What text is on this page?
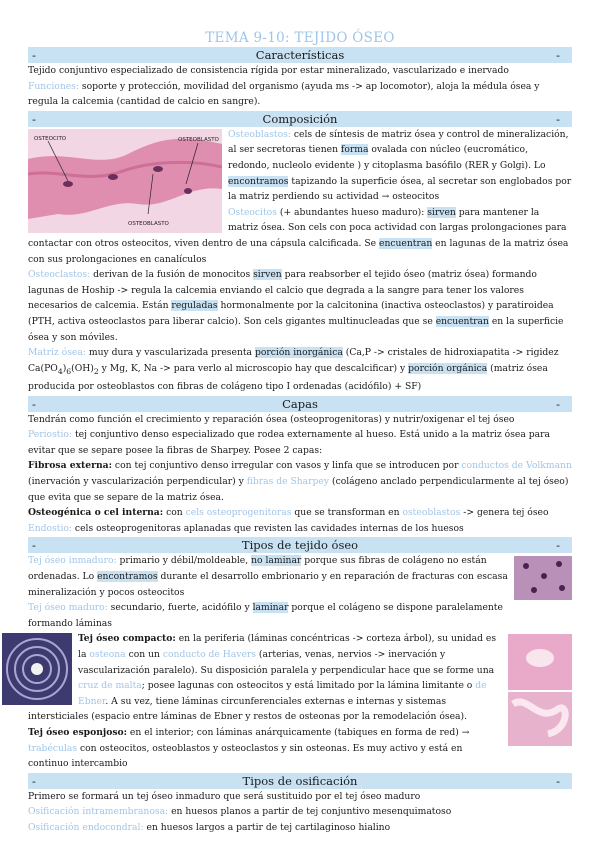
TEMA 9-10: TEJIDO ÓSEO
-	Características	-

Tejido conjuntivo especializado de consistencia rígida por estar mineralizado, vascularizado e inervado

Funciones: soporte y protección, movilidad del organismo (ayuda ms -> ap locomotor), aloja la médula ósea y regula la calcemia (cantidad de calcio en sangre).

-	Composición	-
OSTEOCITO	OSTEOBLASTO
OSTEOBLASTO

Osteoblastos: cels de síntesis de matriz ósea y control de mineralización, al ser secretoras tienen forma ovalada con núcleo (eucromático, redondo, nucleolo evidente ) y citoplasma basófilo (RER y Golgi). Lo encontramos tapizando la superficie ósea, al secretar son englobados por la matriz perdiendo su actividad → osteocitos

Osteocitos (+ abundantes hueso maduro): sirven para mantener la matriz ósea. Son cels con poca actividad con largas prolongaciones para contactar con otros osteocitos, viven dentro de una cápsula calcificada. Se encuentran en lagunas de la matriz ósea con sus prolongaciones en canalículos

Osteoclastos: derivan de la fusión de monocitos sirven para reabsorber el tejido óseo (matriz ósea) formando lagunas de Hoship -> regula la calcemia enviando el calcio que degrada a la sangre para tener los valores necesarios de calcemia. Están reguladas hormonalmente por la calcitonina (inactiva osteoclastos) y paratiroidea (PTH, activa osteoclastos para liberar calcio). Son cels gigantes multinucleadas que se encuentran en la superficie ósea y son móviles.

Matriz ósea: muy dura y vascularizada presenta porción inorgánica (Ca,P -> cristales de hidroxiapatita -> rigidez $Ca(PO_4)_6(OH)_2$ y Mg, K, Na -> para verlo al microscopio hay que descalcificar) y porción orgánica (matriz ósea producida por osteoblastos con fibras de colágeno tipo I ordenadas (acidófilo) + SF)

-	Capas	-

Tendrán como función el crecimiento y reparación ósea (osteoprogenitoras) y nutrir/oxigenar el tej óseo

Periostio: tej conjuntivo denso especializado que rodea externamente al hueso. Está unido a la matriz ósea para evitar que se separe posee la fibras de Sharpey. Posee 2 capas:

Fibrosa externa: con tej conjuntivo denso irregular con vasos y linfa que se introducen por conductos de Volkmann (inervación y vascularización perpendicular) y fibras de Sharpey (colágeno anclado perpendicularmente al tej óseo) que evita que se separe de la matriz ósea.

Osteogénica o cel interna: con cels osteoprogenitoras que se transforman en osteoblastos -> genera tej óseo

Endostio: cels osteoprogenitoras aplanadas que revisten las cavidades internas de los huesos

-	Tipos de tejido óseo	-

Tej óseo inmaduro: primario y débil/moldeable, no laminar porque sus fibras de colágeno no están ordenadas. Lo encontramos durante el desarrollo embrionario y en reparación de fracturas con escasa mineralización y pocos osteocitos

Tej óseo maduro: secundario, fuerte, acidófilo y laminar porque el colágeno se dispone paralelamente formando láminas

Tej óseo compacto: en la periferia (láminas concéntricas -> corteza árbol), su unidad es la osteona con un conducto de Havers (arterias, venas, nervios -> inervación y vascularización paralelo). Su disposición paralela y perpendicular hace que se forme una cruz de malta; posee lagunas con osteocitos y está limitado por la lámina limitante o de Ebner. A su vez, tiene láminas circunferenciales externas e internas y sistemas intersticiales (espacio entre láminas de Ebner y restos de osteonas por la remodelación ósea).

Tej óseo esponjoso: en el interior; con láminas anárquicamente (tabiques en forma de red) → trabéculas con osteocitos, osteoblastos y osteoclastos y sin osteonas. Es muy activo y está en continuo intercambio

-	Tipos de osificación	-

Primero se formará un tej óseo inmaduro que será sustituido por el tej óseo maduro

Osificación intramembranosa: en huesos planos a partir de tej conjuntivo mesenquimatoso

Osificación endocondral: en huesos largos a partir de tej cartilaginoso hialino
